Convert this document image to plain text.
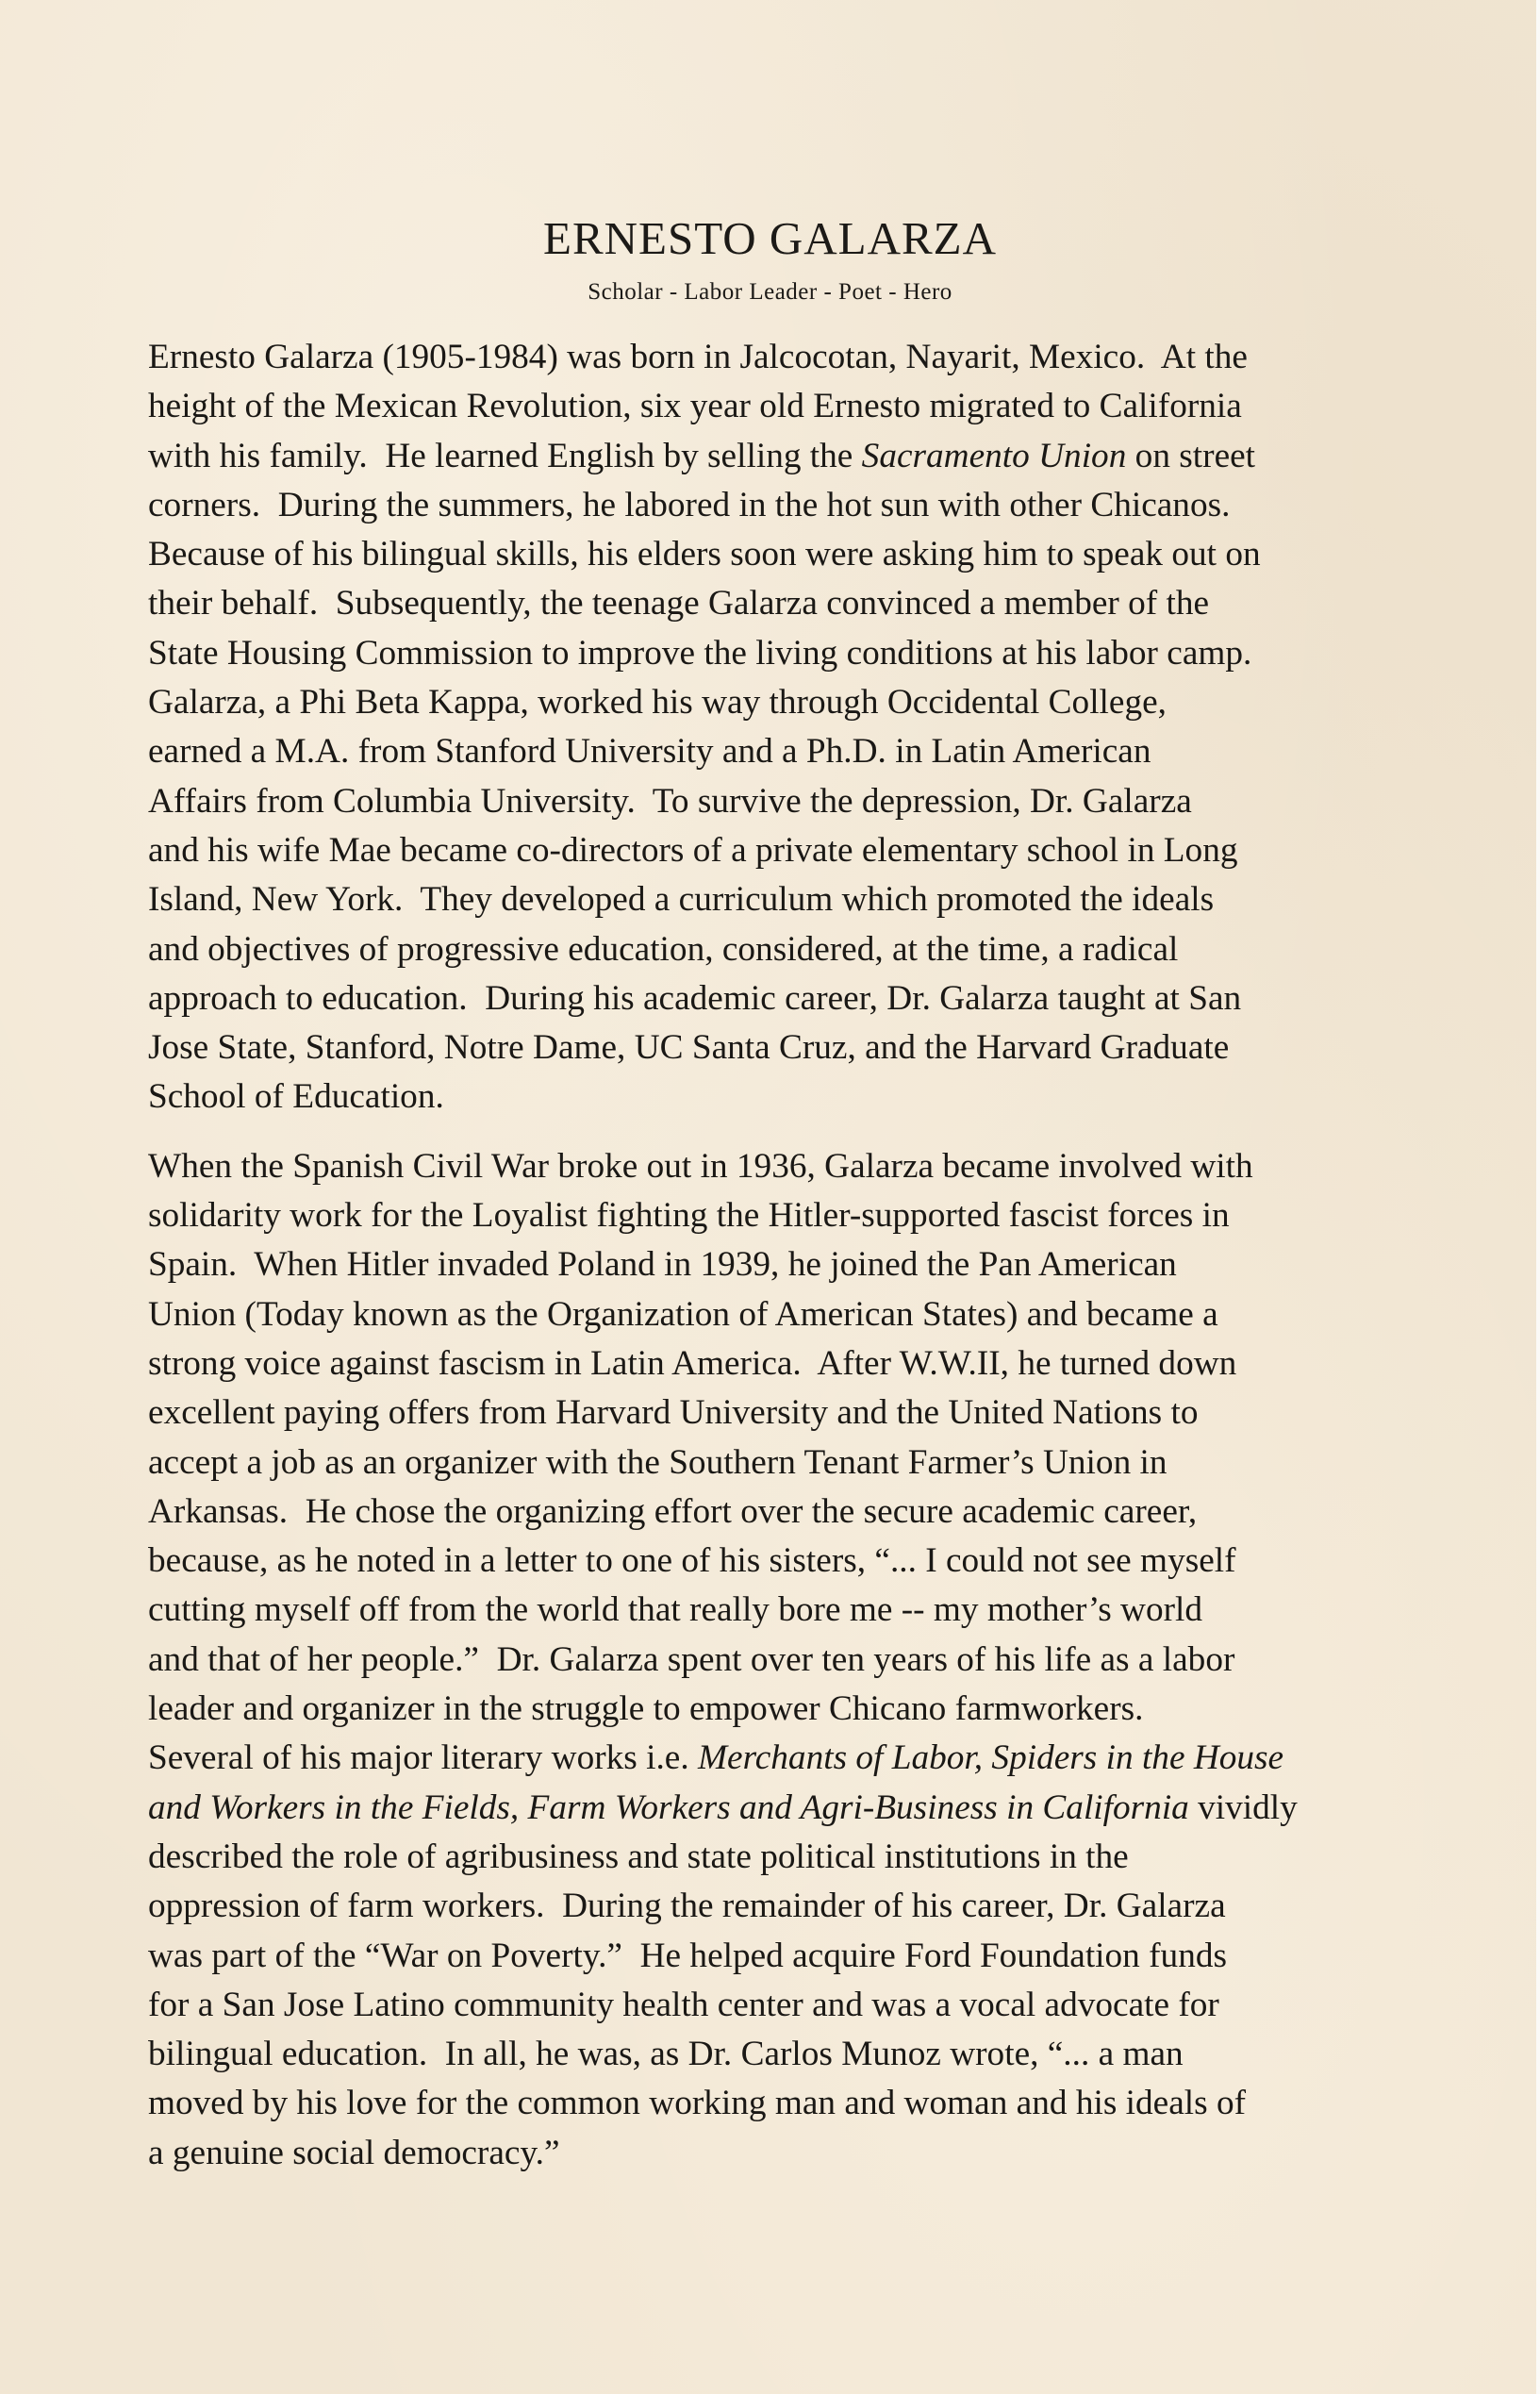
ERNESTO GALARZA
Scholar - Labor Leader - Poet - Hero

Ernesto Galarza (1905-1984) was born in Jalcocotan, Nayarit, Mexico.  At the
height of the Mexican Revolution, six year old Ernesto migrated to California
with his family.  He learned English by selling the Sacramento Union on street
corners.  During the summers, he labored in the hot sun with other Chicanos.
Because of his bilingual skills, his elders soon were asking him to speak out on
their behalf.  Subsequently, the teenage Galarza convinced a member of the
State Housing Commission to improve the living conditions at his labor camp.
Galarza, a Phi Beta Kappa, worked his way through Occidental College,
earned a M.A. from Stanford University and a Ph.D. in Latin American
Affairs from Columbia University.  To survive the depression, Dr. Galarza
and his wife Mae became co-directors of a private elementary school in Long
Island, New York.  They developed a curriculum which promoted the ideals
and objectives of progressive education, considered, at the time, a radical
approach to education.  During his academic career, Dr. Galarza taught at San
Jose State, Stanford, Notre Dame, UC Santa Cruz, and the Harvard Graduate
School of Education.

When the Spanish Civil War broke out in 1936, Galarza became involved with
solidarity work for the Loyalist fighting the Hitler-supported fascist forces in
Spain.  When Hitler invaded Poland in 1939, he joined the Pan American
Union (Today known as the Organization of American States) and became a
strong voice against fascism in Latin America.  After W.W.II, he turned down
excellent paying offers from Harvard University and the United Nations to
accept a job as an organizer with the Southern Tenant Farmer’s Union in
Arkansas.  He chose the organizing effort over the secure academic career,
because, as he noted in a letter to one of his sisters, “... I could not see myself
cutting myself off from the world that really bore me -- my mother’s world
and that of her people.”  Dr. Galarza spent over ten years of his life as a labor
leader and organizer in the struggle to empower Chicano farmworkers.
Several of his major literary works i.e. Merchants of Labor, Spiders in the House
and Workers in the Fields, Farm Workers and Agri-Business in California vividly
described the role of agribusiness and state political institutions in the
oppression of farm workers.  During the remainder of his career, Dr. Galarza
was part of the “War on Poverty.”  He helped acquire Ford Foundation funds
for a San Jose Latino community health center and was a vocal advocate for
bilingual education.  In all, he was, as Dr. Carlos Munoz wrote, “... a man
moved by his love for the common working man and woman and his ideals of
a genuine social democracy.”
